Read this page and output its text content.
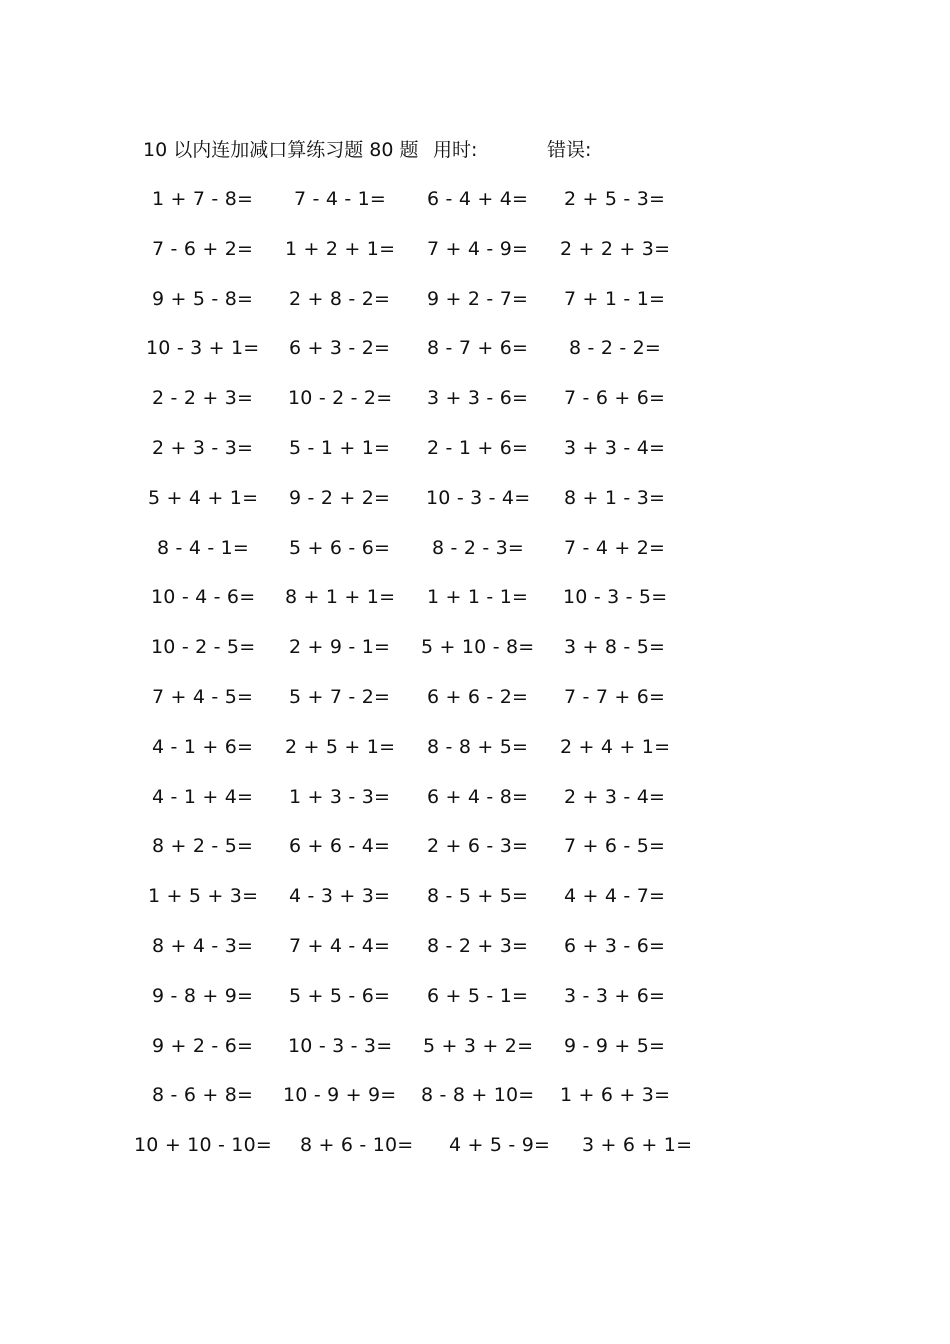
10 以内连加减口算练习题 80 题 用时:	错误:
1 + 7 - 8= 7 - 4 - 1= 6 - 4 + 4= 2 + 5 - 3=
7 - 6 + 2= 1 + 2 + 1= 7 + 4 - 9= 2 + 2 + 3=
9 + 5 - 8= 2 + 8 - 2= 9 + 2 - 7= 7 + 1 - 1=
10 - 3 + 1= 6 + 3 - 2= 8 - 7 + 6= 8 - 2 - 2=
2 - 2 + 3= 10 - 2 - 2= 3 + 3 - 6= 7 - 6 + 6=
2 + 3 - 3= 5 - 1 + 1= 2 - 1 + 6= 3 + 3 - 4=
5 + 4 + 1= 9 - 2 + 2= 10 - 3 - 4= 8 + 1 - 3=
8 - 4 - 1= 5 + 6 - 6= 8 - 2 - 3= 7 - 4 + 2=
10 - 4 - 6= 8 + 1 + 1= 1 + 1 - 1= 10 - 3 - 5=
10 - 2 - 5= 2 + 9 - 1= 5 + 10 - 8= 3 + 8 - 5=
7 + 4 - 5= 5 + 7 - 2= 6 + 6 - 2= 7 - 7 + 6=
4 - 1 + 6= 2 + 5 + 1= 8 - 8 + 5= 2 + 4 + 1=
4 - 1 + 4= 1 + 3 - 3= 6 + 4 - 8= 2 + 3 - 4=
8 + 2 - 5= 6 + 6 - 4= 2 + 6 - 3= 7 + 6 - 5=
1 + 5 + 3= 4 - 3 + 3= 8 - 5 + 5= 4 + 4 - 7=
8 + 4 - 3= 7 + 4 - 4= 8 - 2 + 3= 6 + 3 - 6=
9 - 8 + 9= 5 + 5 - 6= 6 + 5 - 1= 3 - 3 + 6=
9 + 2 - 6= 10 - 3 - 3= 5 + 3 + 2= 9 - 9 + 5=
8 - 6 + 8= 10 - 9 + 9= 8 - 8 + 10= 1 + 6 + 3=
10 + 10 - 10= 8 + 6 - 10= 4 + 5 - 9= 3 + 6 + 1=
